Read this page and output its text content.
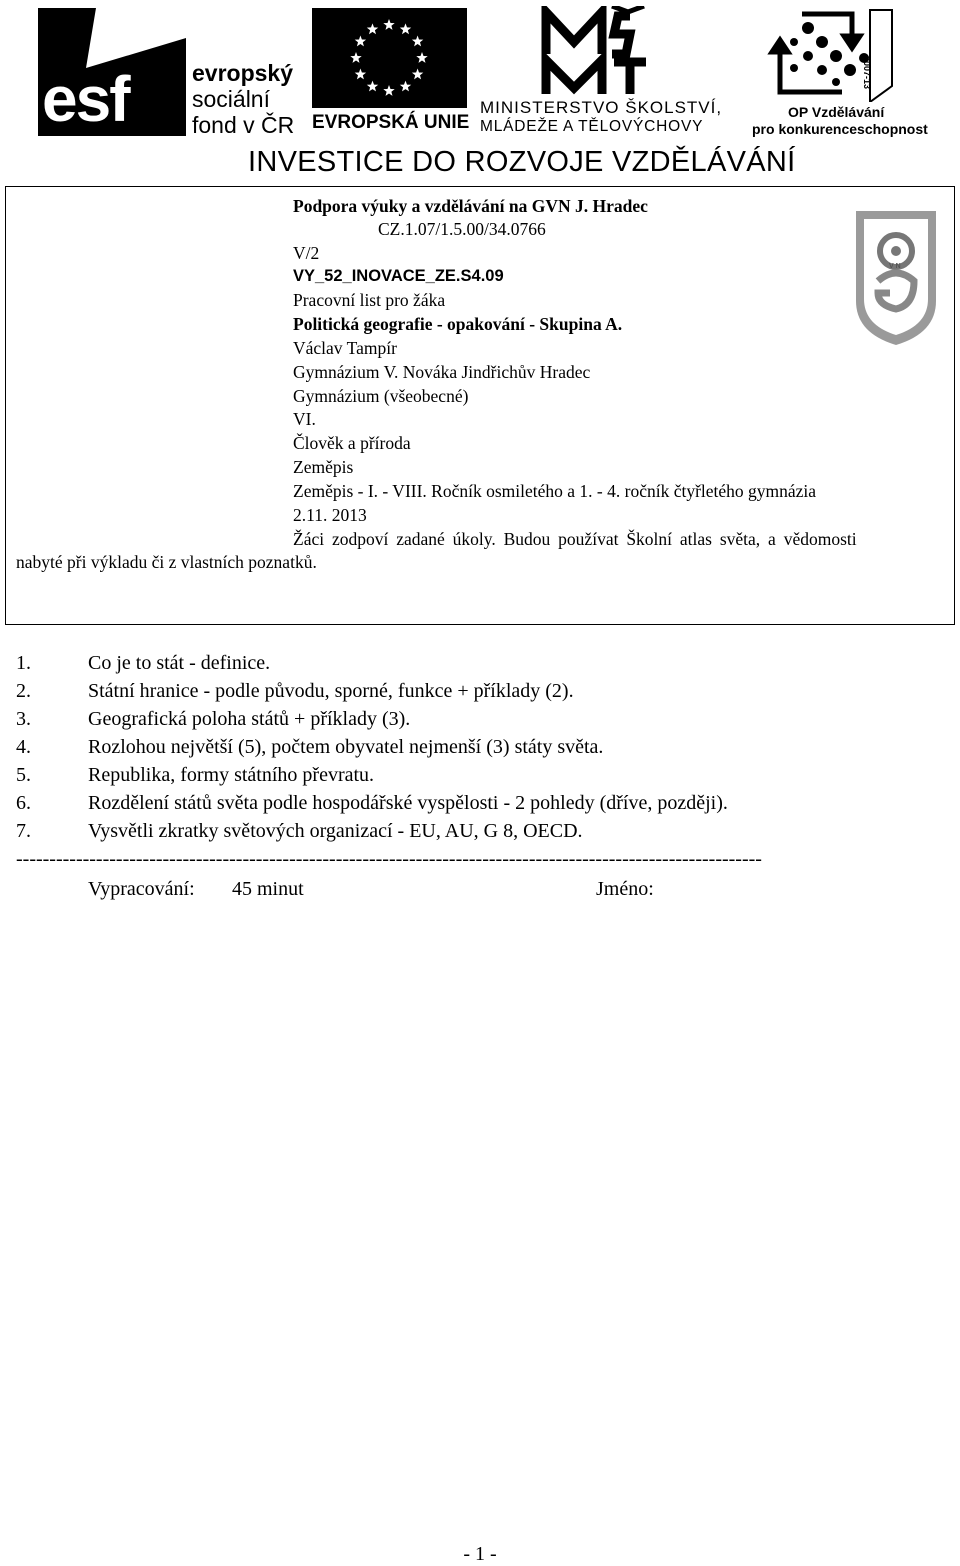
esf	evropský
sociální
fond v ČR EVROPSKÁ UNIE
MINISTERSTVO ŠKOLSTVÍ,
MLÁDEŽE A TĚLOVÝCHOVY
2007-13
OP Vzdělávání
pro konkurenceschopnost
INVESTICE DO ROZVOJE VZDĚLÁVÁNÍ
V N
Podpora výuky a vzdělávání na GVN J. Hradec
CZ.1.07/1.5.00/34.0766
V/2
VY_52_INOVACE_ZE.S4.09
Pracovní list pro žáka
Politická geografie - opakování - Skupina A.
Václav Tampír
Gymnázium V. Nováka Jindřichův Hradec
Gymnázium (všeobecné)
VI.
Člověk a příroda
Zeměpis
Zeměpis - I. - VIII. Ročník osmiletého a 1. - 4. ročník čtyřletého gymnázia
2.11. 2013
Žáci zodpoví zadané úkoly. Budou používat Školní atlas světa, a vědomosti
nabyté při výkladu či z vlastních poznatků.
1.	Co je to stát - definice.
2.	Státní hranice - podle původu, sporné, funkce + příklady (2).
3.	Geografická poloha států + příklady (3).
4.	Rozlohou největší (5), počtem obyvatel nejmenší (3) státy světa.
5.	Republika, formy státního převratu.
6.	Rozdělení států světa podle hospodářské vyspělosti - 2 pohledy (dříve, později).
7.	Vysvětli zkratky světových organizací - EU, AU, G 8, OECD.
----------------------------------------------------------------------------------------------------------------
Vypracování: 45 minut	Jméno:
- 1 -
